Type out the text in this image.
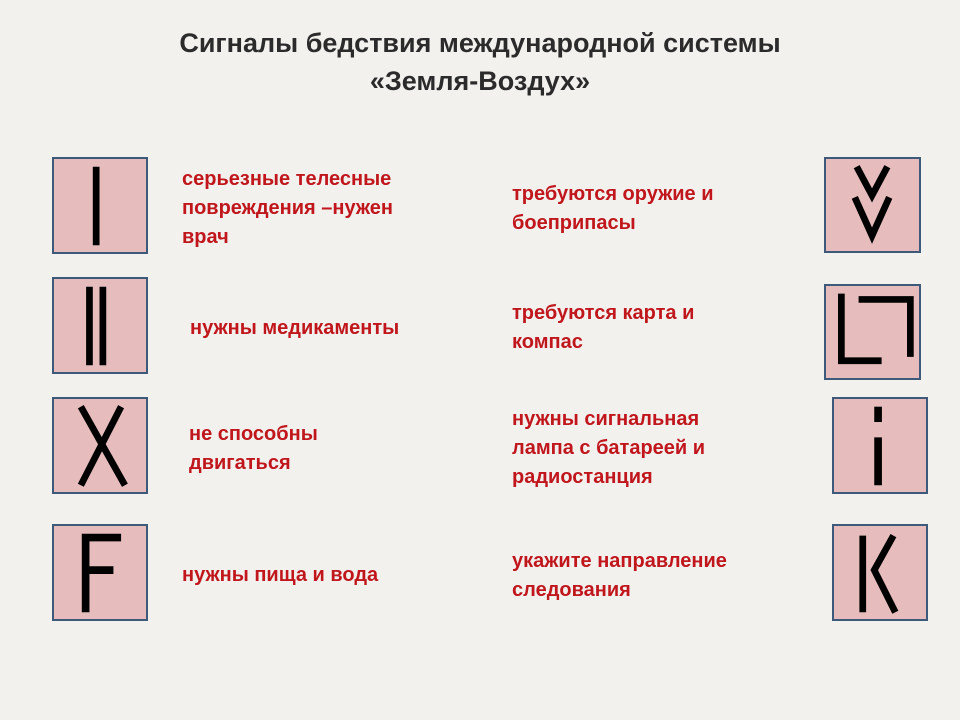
Сигналы бедствия международной системы
«Земля-Воздух»
серьезные телесные
повреждения –нужен
врач
нужны медикаменты
не способны
двигаться
нужны пища и вода
требуются оружие и
боеприпасы
требуются карта и
компас
нужны сигнальная
лампа с батареей и
радиостанция
укажите направление
следования
